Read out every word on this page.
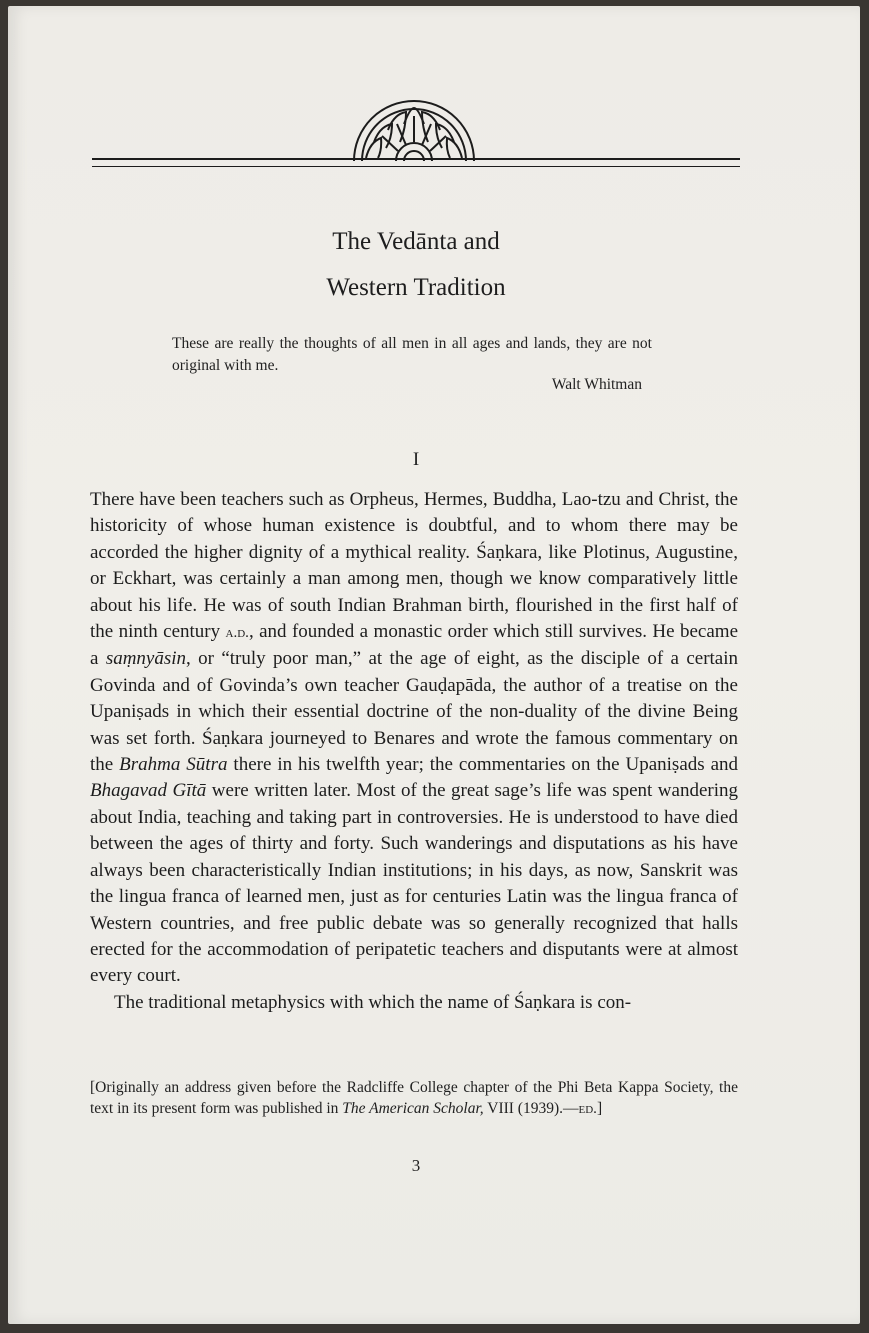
The Vedānta and
Western Tradition
These are really the thoughts of all men in all ages and lands, they are not original with me.
Walt Whitman
I

There have been teachers such as Orpheus, Hermes, Buddha, Lao-tzu and Christ, the historicity of whose human existence is doubtful, and to whom there may be accorded the higher dignity of a mythical reality. Śaṇkara, like Plotinus, Augustine, or Eckhart, was certainly a man among men, though we know comparatively little about his life. He was of south Indian Brahman birth, flourished in the first half of the ninth century a.d., and founded a monastic order which still survives. He became a saṃnyāsin, or “truly poor man,” at the age of eight, as the disciple of a certain Govinda and of Govinda’s own teacher Gauḍapāda, the author of a treatise on the Upaniṣads in which their essential doctrine of the non-duality of the divine Being was set forth. Śaṇkara journeyed to Benares and wrote the famous commentary on the Brahma Sūtra there in his twelfth year; the commentaries on the Upaniṣads and Bhagavad Gītā were written later. Most of the great sage’s life was spent wandering about India, teaching and taking part in controversies. He is understood to have died between the ages of thirty and forty. Such wanderings and disputations as his have always been characteristically Indian institutions; in his days, as now, Sanskrit was the lingua franca of learned men, just as for centuries Latin was the lingua franca of Western countries, and free public debate was so generally recognized that halls erected for the accommodation of peripatetic teachers and disputants were at almost every court.

The traditional metaphysics with which the name of Śaṇkara is con-

[Originally an address given before the Radcliffe College chapter of the Phi Beta Kappa Society, the text in its present form was published in The American Scholar, VIII (1939).—ed.]
3
